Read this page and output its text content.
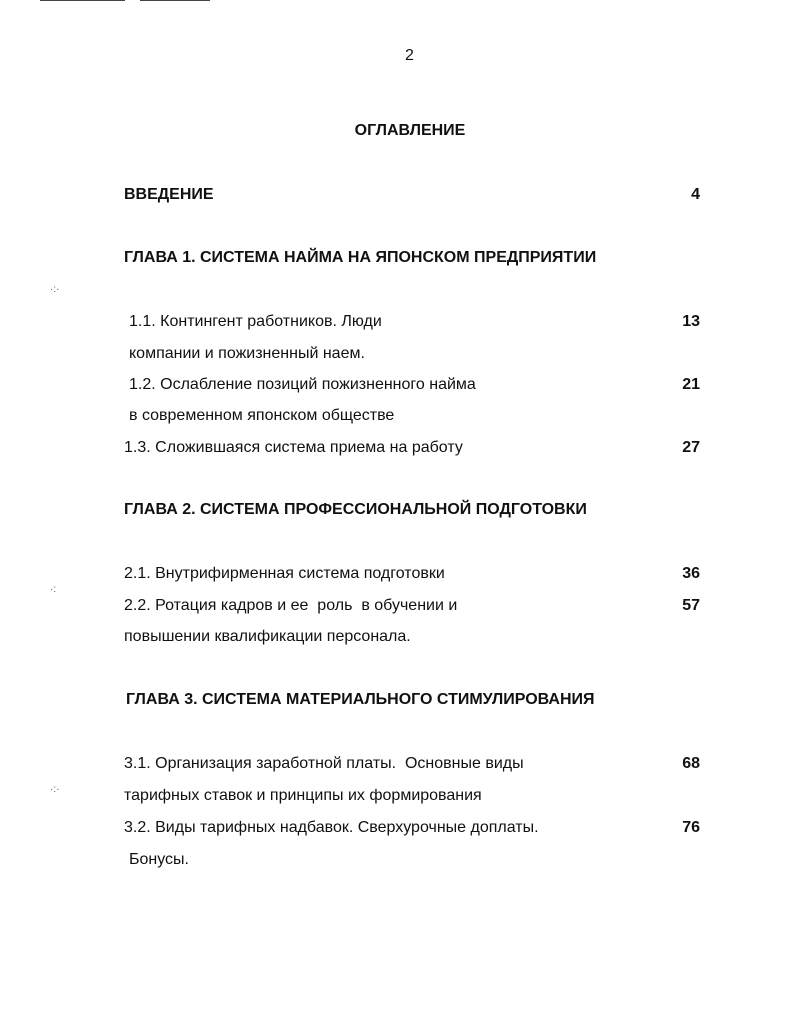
·:·
·:
·:·
2
ОГЛАВЛЕНИЕ
ВВЕДЕНИЕ	4
ГЛАВА 1. СИСТЕМА НАЙМА НА ЯПОНСКОМ ПРЕДПРИЯТИИ
1.1. Контингент работников. Люди	13
компании и пожизненный наем.
1.2. Ослабление позиций пожизненного найма	21
в современном японском обществе
1.3. Сложившаяся система приема на работу	27
ГЛАВА 2. СИСТЕМА ПРОФЕССИОНАЛЬНОЙ ПОДГОТОВКИ
2.1. Внутрифирменная система подготовки	36
2.2. Ротация кадров и ее  роль  в обучении и	57
повышении квалификации персонала.
ГЛАВА 3. СИСТЕМА МАТЕРИАЛЬНОГО СТИМУЛИРОВАНИЯ
3.1. Организация заработной платы.  Основные виды	68
тарифных ставок и принципы их формирования
3.2. Виды тарифных надбавок. Сверхурочные доплаты.	76
Бонусы.
